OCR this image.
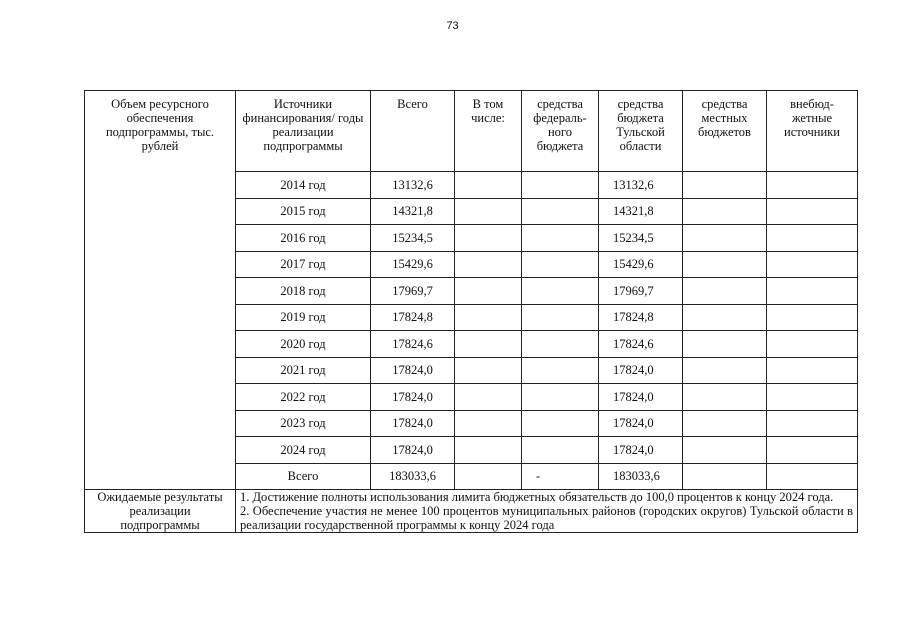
73
Объем ресурсного обеспечения подпрограммы, тыс. рублей	Источники финансирования/ годы реализации подпрограммы	Всего	В том числе:	средства федераль-ного бюджета	средства бюджета Тульской области	средства местных бюджетов	внебюд-жетные источники
	2014 год	13132,6			13132,6		
	2015 год	14321,8			14321,8		
	2016 год	15234,5			15234,5		
	2017 год	15429,6			15429,6		
	2018 год	17969,7			17969,7		
	2019 год	17824,8			17824,8		
	2020 год	17824,6			17824,6		
	2021 год	17824,0			17824,0		
	2022 год	17824,0			17824,0		
	2023 год	17824,0			17824,0		
	2024 год	17824,0			17824,0		
	Всего	183033,6		-	183033,6		
Ожидаемые результаты реализации подпрограммы	1. Достижение полноты использования лимита бюджетных обязательств до 100,0 процентов к концу 2024 года.
2. Обеспечение участия не менее 100 процентов муниципальных районов (городских округов) Тульской области в реализации государственной программы к концу 2024 года						
